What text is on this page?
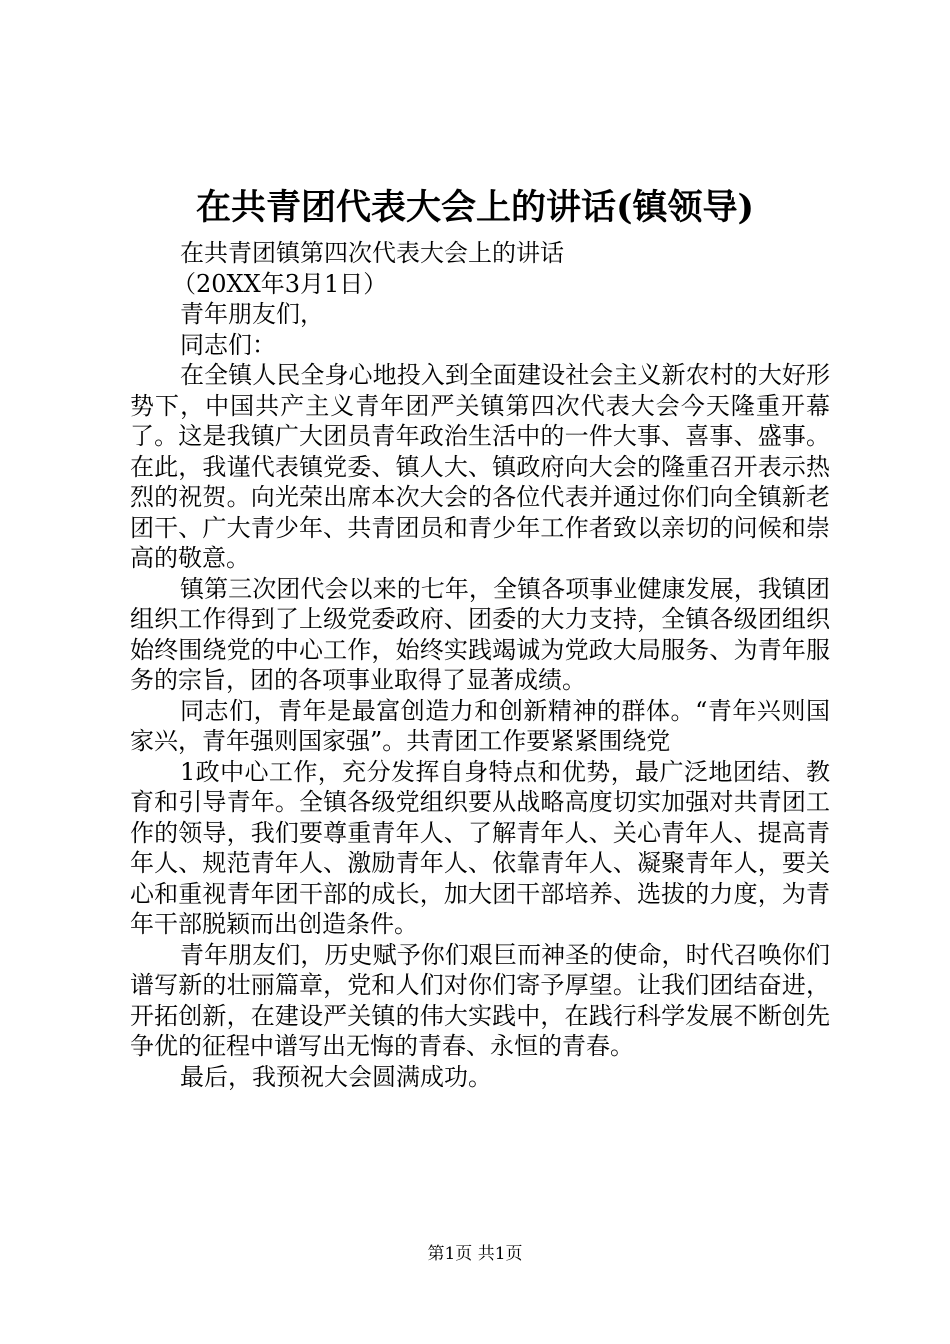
在共青团代表大会上的讲话(镇领导)

在共青团镇第四次代表大会上的讲话

（20XX年3月1日）

青年朋友们，

同志们：

在全镇人民全身心地投入到全面建设社会主义新农村的大好形势下，中国共产主义青年团严关镇第四次代表大会今天隆重开幕了。这是我镇广大团员青年政治生活中的一件大事、喜事、盛事。在此，我谨代表镇党委、镇人大、镇政府向大会的隆重召开表示热烈的祝贺。向光荣出席本次大会的各位代表并通过你们向全镇新老团干、广大青少年、共青团员和青少年工作者致以亲切的问候和崇高的敬意。

镇第三次团代会以来的七年，全镇各项事业健康发展，我镇团组织工作得到了上级党委政府、团委的大力支持，全镇各级团组织始终围绕党的中心工作，始终实践竭诚为党政大局服务、为青年服务的宗旨，团的各项事业取得了显著成绩。

同志们，青年是最富创造力和创新精神的群体。“青年兴则国家兴，青年强则国家强”。共青团工作要紧紧围绕党

1政中心工作，充分发挥自身特点和优势，最广泛地团结、教育和引导青年。全镇各级党组织要从战略高度切实加强对共青团工作的领导，我们要尊重青年人、了解青年人、关心青年人、提高青年人、规范青年人、激励青年人、依靠青年人、凝聚青年人，要关心和重视青年团干部的成长，加大团干部培养、选拔的力度，为青年干部脱颖而出创造条件。

青年朋友们，历史赋予你们艰巨而神圣的使命，时代召唤你们谱写新的壮丽篇章，党和人们对你们寄予厚望。让我们团结奋进，开拓创新，在建设严关镇的伟大实践中，在践行科学发展不断创先争优的征程中谱写出无悔的青春、永恒的青春。

最后，我预祝大会圆满成功。

第1页 共1页
